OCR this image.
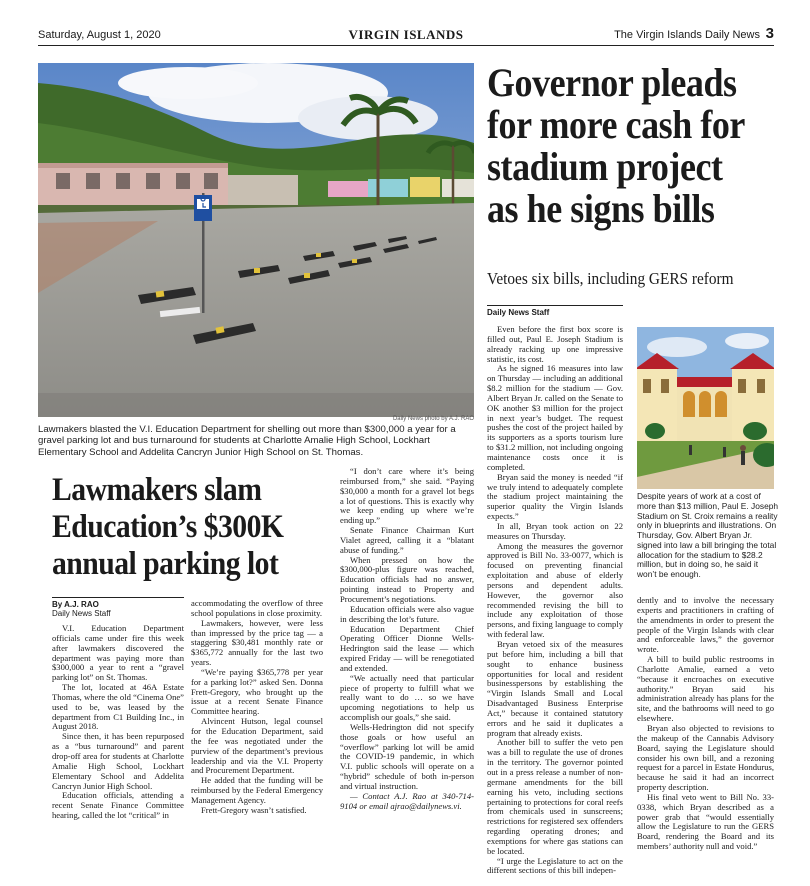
Saturday, August 1, 2020	VIRGIN ISLANDS	The Virgin Islands Daily News 3
Daily News photo by A.J. RAO
Lawmakers blasted the V.I. Education Department for shelling out more than $300,000 a year for a gravel parking lot and bus turnaround for students at Charlotte Amalie High School, Lockhart Elementary School and Addelita Cancryn Junior High School on St. Thomas.
Lawmakers slam
Education’s $300K
annual parking lot
By A.J. RAO
Daily News Staff

V.I. Education Department officials came under fire this week after lawmakers discovered the department was paying more than $300,000 a year to rent a “gravel parking lot” on St. Thomas.

The lot, located at 46A Estate Thomas, where the old “Cinema One” used to be, was leased by the department from C1 Building Inc., in August 2018.

Since then, it has been repurposed as a “bus turnaround” and parent drop-off area for students at Charlotte Amalie High School, Lockhart Elementary School and Addelita Cancryn Junior High School.

Education officials, attending a recent Senate Finance Committee hearing, called the lot “critical” in

accommodating the overflow of three school populations in close proximity.

Lawmakers, however, were less than impressed by the price tag — a staggering $30,481 monthly rate or $365,772 annually for the last two years.

“We’re paying $365,778 per year for a parking lot?” asked Sen. Donna Frett-Gregory, who brought up the issue at a recent Senate Finance Committee hearing.

Alvincent Hutson, legal counsel for the Education Department, said the fee was negotiated under the purview of the department’s previous leadership and via the V.I. Property and Procurement Department.

He added that the funding will be reimbursed by the Federal Emergency Management Agency.

Frett-Gregory wasn’t satisfied.

“I don’t care where it’s being reimbursed from,” she said. “Paying $30,000 a month for a gravel lot begs a lot of questions. This is exactly why we keep ending up where we’re ending up.”

Senate Finance Chairman Kurt Vialet agreed, calling it a “blatant abuse of funding.”

When pressed on how the $300,000-plus figure was reached, Education officials had no answer, pointing instead to Property and Procurement’s negotiations.

Education officials were also vague in describing the lot’s future.

Education Department Chief Operating Officer Dionne Wells-Hedrington said the lease — which expired Friday — will be renegotiated and extended.

“We actually need that particular piece of property to fulfill what we really want to do … so we have upcoming negotiations to help us accomplish our goals,” she said.

Wells-Hedrington did not specify those goals or how useful an “overflow” parking lot will be amid the COVID-19 pandemic, in which V.I. public schools will operate on a “hybrid” schedule of both in-person and virtual instruction.

— Contact A.J. Rao at 340-714-9104 or email ajrao@dailynews.vi.

Governor pleads
for more cash for
stadium project
as he signs bills
Vetoes six bills, including GERS reform
Daily News Staff

Even before the first box score is filled out, Paul E. Joseph Stadium is already racking up one impressive statistic, its cost.

As he signed 16 measures into law on Thursday — including an additional $8.2 million for the stadium — Gov. Albert Bryan Jr. called on the Senate to OK another $3 million for the project in next year’s budget. The request pushes the cost of the project hailed by its supporters as a sports tourism lure to $31.2 million, not including ongoing maintenance costs once it is completed.

Bryan said the money is needed “if we truly intend to adequately complete the stadium project maintaining the superior quality the Virgin Islands expects.”

In all, Bryan took action on 22 measures on Thursday.

Among the measures the governor approved is Bill No. 33-0077, which is focused on preventing financial exploitation and abuse of elderly persons and dependent adults. However, the governor also recommended revising the bill to include any exploitation of those persons, and fixing language to comply with federal law.

Bryan vetoed six of the measures put before him, including a bill that sought to enhance business opportunities for local and resident businesspersons by establishing the “Virgin Islands Small and Local Disadvantaged Business Enterprise Act,” because it contained statutory errors and he said it duplicates a program that already exists.

Another bill to suffer the veto pen was a bill to regulate the use of drones in the territory. The governor pointed out in a press release a number of non-germane amendments for the bill earning his veto, including sections pertaining to protections for coral reefs from chemicals used in sunscreens; restrictions for registered sex offenders regarding operating drones; and exemptions for where gas stations can be located.

“I urge the Legislature to act on the different sections of this bill indepen-

Despite years of work at a cost of more than $13 million, Paul E. Joseph Stadium on St. Croix remains a reality only in blueprints and illustrations. On Thursday, Gov. Albert Bryan Jr. signed into law a bill bringing the total allocation for the stadium to $28.2 million, but in doing so, he said it won’t be enough.

dently and to involve the necessary experts and practitioners in crafting of the amendments in order to present the people of the Virgin Islands with clear and enforceable laws,” the governor wrote.

A bill to build public restrooms in Charlotte Amalie, earned a veto “because it encroaches on executive authority.” Bryan said his administration already has plans for the site, and the bathrooms will need to go elsewhere.

Bryan also objected to revisions to the makeup of the Cannabis Advisory Board, saying the Legislature should consider his own bill, and a rezoning request for a parcel in Estate Hondurus, because he said it had an incorrect property description.

His final veto went to Bill No. 33-0338, which Bryan described as a power grab that “would essentially allow the Legislature to run the GERS Board, rendering the Board and its members’ authority null and void.”
